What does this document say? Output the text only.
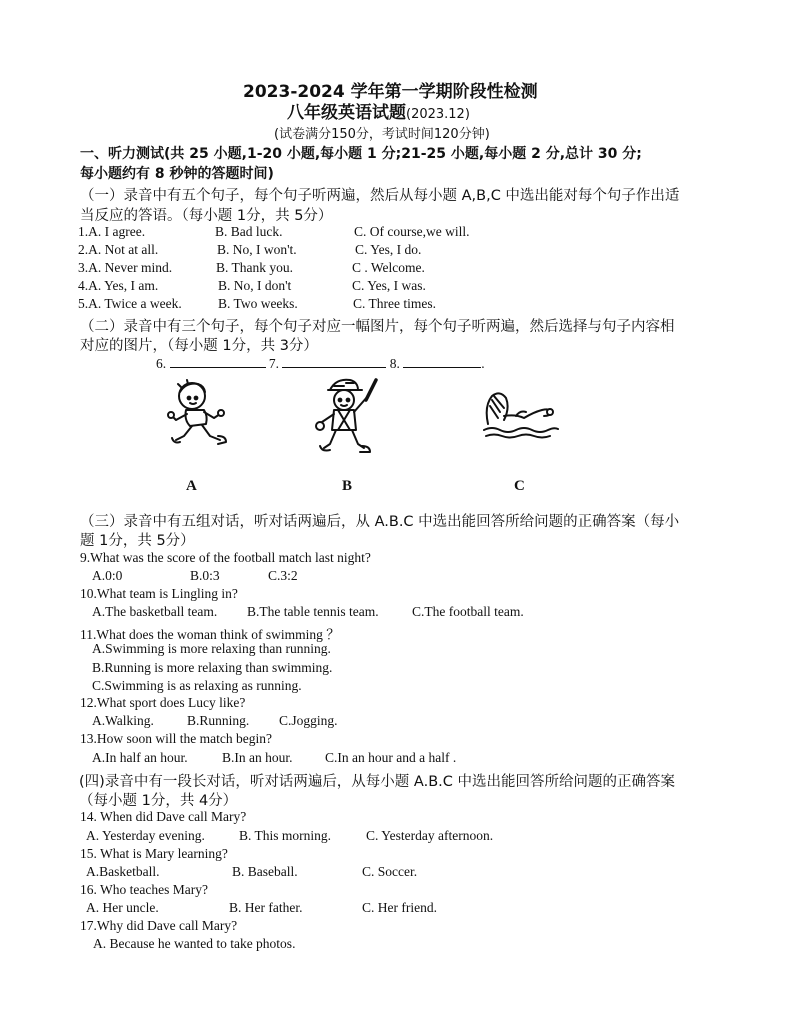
2023-2024 学年第一学期阶段性检测
八年级英语试题(2023.12)
(试卷满分150分，考试时间120分钟)
一、听力测试(共 25 小题,1-20 小题,每小题 1 分;21-25 小题,每小题 2 分,总计 30 分;
每小题约有 8 秒钟的答题时间)
（一）录音中有五个句子，每个句子听两遍，然后从每小题 A,B,C 中选出能对每个句子作出适
当反应的答语。（每小题 1分，共 5分）
1.A. I agree.	B. Bad luck.	C. Of course,we will.
2.A. Not at all.	B. No, I won't.	C. Yes, I do.
3.A. Never mind.	B. Thank you.	C . Welcome.
4.A. Yes, I am.	B. No, I don't	C. Yes, I was.
5.A. Twice a week.	B. Two weeks.	C. Three times.
（二）录音中有三个句子，每个句子对应一幅图片，每个句子听两遍，然后选择与句子内容相
对应的图片，（每小题 1分，共 3分）
6.	7.	8.	.
A	B	C
（三）录音中有五组对话，听对话两遍后，从 A.B.C 中选出能回答所给问题的正确答案（每小
题 1分，共 5分）
9.What was the score of the football match last night?
A.0:0	B.0:3	C.3:2
10.What team is Lingling in?
A.The basketball team. B.The table tennis team. C.The football team.
11.What does the woman think of swimming ？
A.Swimming is more relaxing than running.
B.Running is more relaxing than swimming.
C.Swimming is as relaxing as running.
12.What sport does Lucy like?
A.Walking. B.Running. C.Jogging.
13.How soon will the match begin?
A.In half an hour.	B.In an hour. C.In an hour and a half .
(四)录音中有一段长对话，听对话两遍后，从每小题 A.B.C 中选出能回答所给问题的正确答案
（每小题 1分，共 4分）
14. When did Dave call Mary?
A. Yesterday evening.	B. This morning.	C. Yesterday afternoon.
15. What is Mary learning?
A.Basketball.	B. Baseball.	C. Soccer.
16. Who teaches Mary?
A. Her uncle.	B. Her father.	C. Her friend.
17.Why did Dave call Mary?
A. Because he wanted to take photos.
